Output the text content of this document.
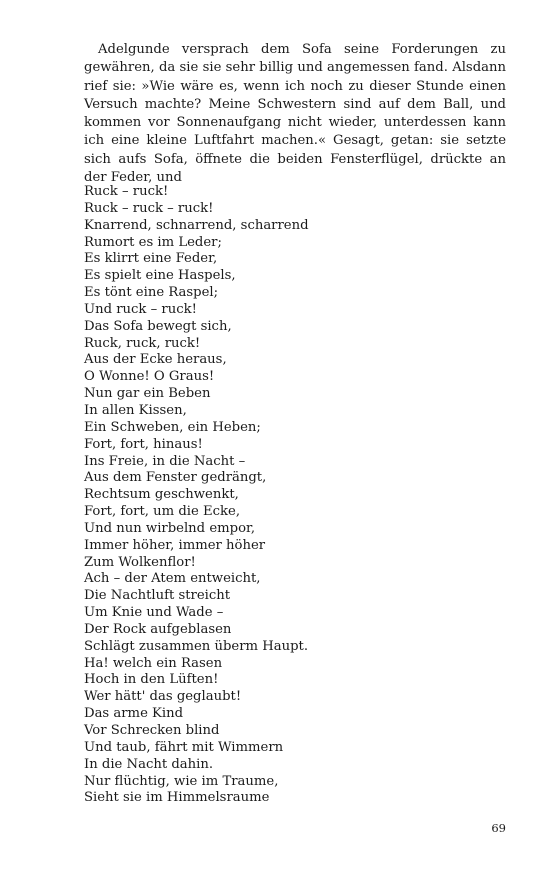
Adelgunde versprach dem Sofa seine Forderungen zu gewähren, da sie sie sehr billig und angemessen fand. Alsdann rief sie: »Wie wäre es, wenn ich noch zu dieser Stunde einen Versuch machte? Meine Schwestern sind auf dem Ball, und kommen vor Sonnenaufgang nicht wieder, unterdessen kann ich eine kleine Luftfahrt machen.« Gesagt, getan: sie setzte sich aufs Sofa, öffnete die beiden Fensterflügel, drückte an der Feder, und

Ruck – ruck!
Ruck – ruck – ruck!
Knarrend, schnarrend, scharrend
Rumort es im Leder;
Es klirrt eine Feder,
Es spielt eine Haspels,
Es tönt eine Raspel;
Und ruck – ruck!
Das Sofa bewegt sich,
Ruck, ruck, ruck!
Aus der Ecke heraus,
O Wonne! O Graus!
Nun gar ein Beben
In allen Kissen,
Ein Schweben, ein Heben;
Fort, fort, hinaus!
Ins Freie, in die Nacht –
Aus dem Fenster gedrängt,
Rechtsum geschwenkt,
Fort, fort, um die Ecke,
Und nun wirbelnd empor,
Immer höher, immer höher
Zum Wolkenflor!
Ach – der Atem entweicht,
Die Nachtluft streicht
Um Knie und Wade –
Der Rock aufgeblasen
Schlägt zusammen überm Haupt.
Ha! welch ein Rasen
Hoch in den Lüften!
Wer hätt' das geglaubt!
Das arme Kind
Vor Schrecken blind
Und taub, fährt mit Wimmern
In die Nacht dahin.
Nur flüchtig, wie im Traume,
Sieht sie im Himmelsraume
69
